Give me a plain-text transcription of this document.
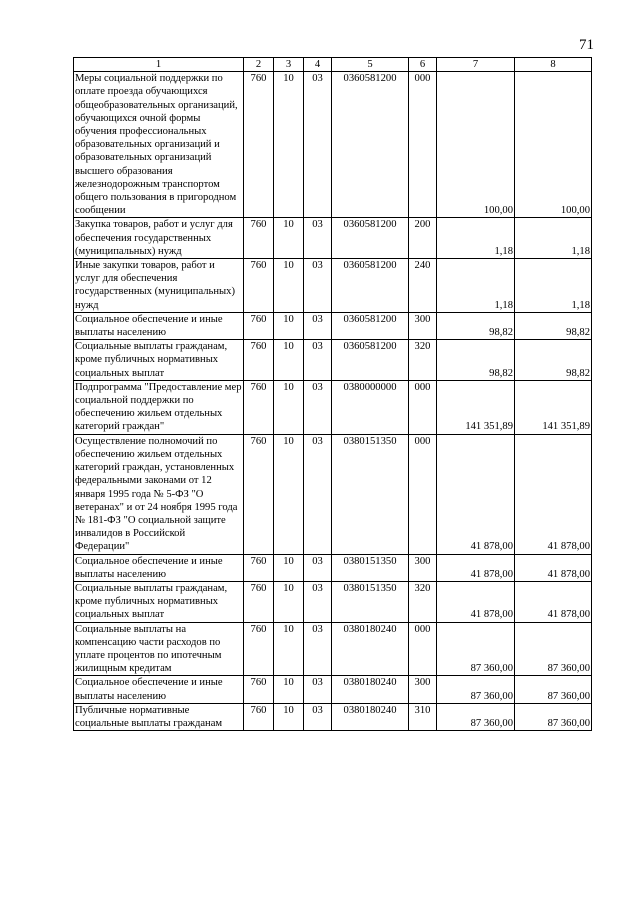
71
1	2	3	4	5	6	7	8
Меры социальной поддержки по оплате проезда обучающихся общеобразовательных организаций, обучающихся очной формы обучения профессиональных образовательных организаций и образовательных организаций высшего образования железнодорожным транспортом общего пользования в пригородном сообщении	760	10	03	0360581200	000	100,00	100,00
Закупка товаров, работ и услуг для обеспечения государственных (муниципальных) нужд	760	10	03	0360581200	200	1,18	1,18
Иные закупки товаров, работ и услуг для обеспечения государственных (муниципальных) нужд	760	10	03	0360581200	240	1,18	1,18
Социальное обеспечение и иные выплаты населению	760	10	03	0360581200	300	98,82	98,82
Социальные выплаты гражданам, кроме публичных нормативных социальных выплат	760	10	03	0360581200	320	98,82	98,82
Подпрограмма "Предоставление мер социальной поддержки по обеспечению жильем отдельных категорий граждан"	760	10	03	0380000000	000	141 351,89	141 351,89
Осуществление полномочий по обеспечению жильем отдельных категорий граждан, установленных федеральными законами от 12 января 1995 года № 5-ФЗ "О ветеранах" и от 24 ноября 1995 года № 181-ФЗ "О социальной защите инвалидов в Российской Федерации"	760	10	03	0380151350	000	41 878,00	41 878,00
Социальное обеспечение и иные выплаты населению	760	10	03	0380151350	300	41 878,00	41 878,00
Социальные выплаты гражданам, кроме публичных нормативных социальных выплат	760	10	03	0380151350	320	41 878,00	41 878,00
Социальные выплаты на компенсацию части расходов по уплате процентов по ипотечным жилищным кредитам	760	10	03	0380180240	000	87 360,00	87 360,00
Социальное обеспечение и иные выплаты населению	760	10	03	0380180240	300	87 360,00	87 360,00
Публичные нормативные социальные выплаты гражданам	760	10	03	0380180240	310	87 360,00	87 360,00
